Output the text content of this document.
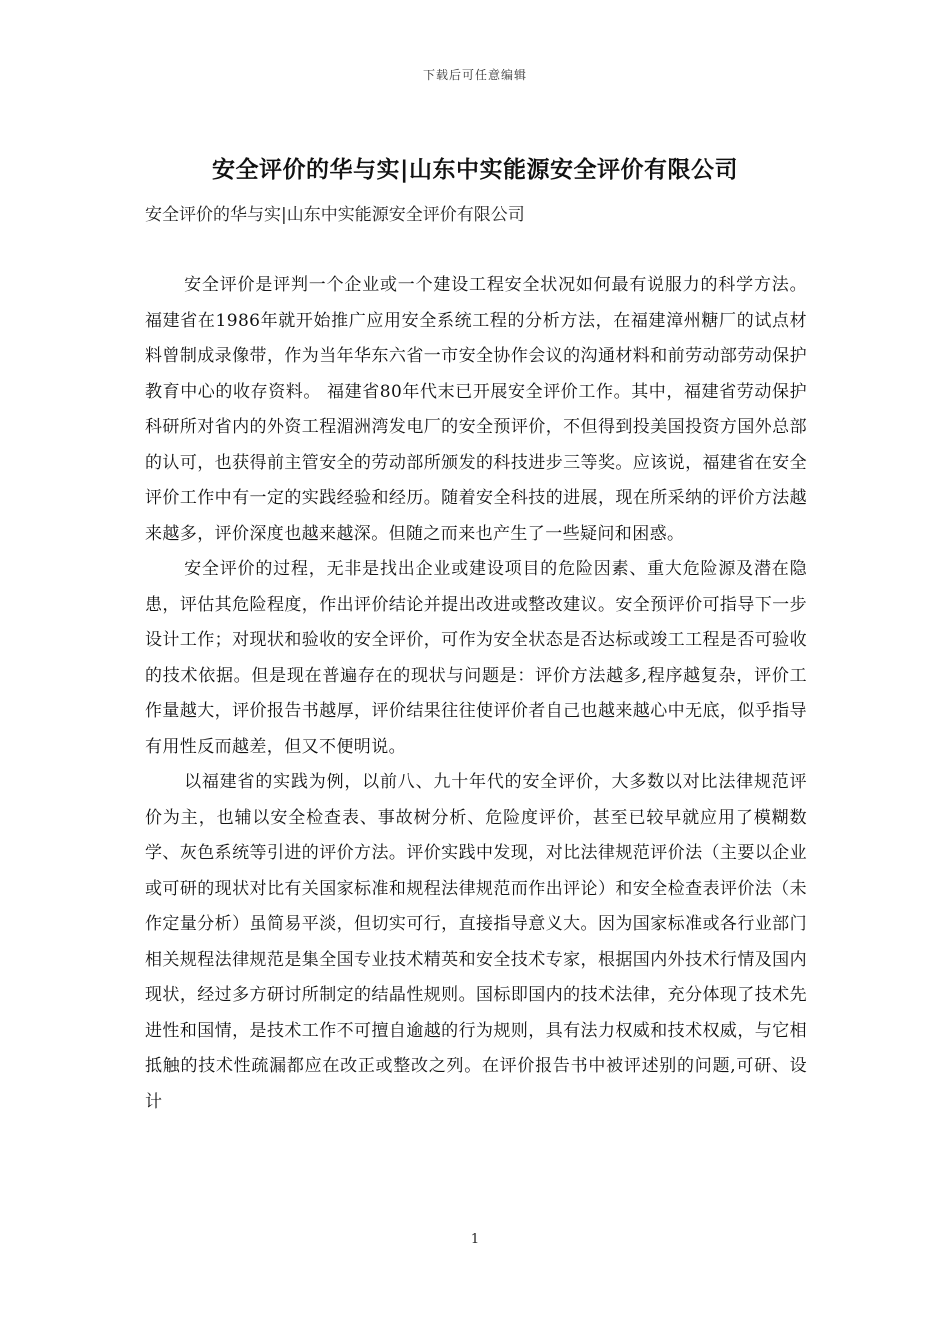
下载后可任意编辑
安全评价的华与实|山东中实能源安全评价有限公司
安全评价的华与实|山东中实能源安全评价有限公司

安全评价是评判一个企业或一个建设工程安全状况如何最有说服力的科学方法。福建省在1986年就开始推广应用安全系统工程的分析方法，在福建漳州糖厂的试点材料曾制成录像带，作为当年华东六省一市安全协作会议的沟通材料和前劳动部劳动保护教育中心的收存资料。 福建省80年代末已开展安全评价工作。其中，福建省劳动保护科研所对省内的外资工程湄洲湾发电厂的安全预评价，不但得到投美国投资方国外总部的认可，也获得前主管安全的劳动部所颁发的科技进步三等奖。应该说，福建省在安全评价工作中有一定的实践经验和经历。随着安全科技的进展，现在所采纳的评价方法越来越多，评价深度也越来越深。但随之而来也产生了一些疑问和困惑。

安全评价的过程，无非是找出企业或建设项目的危险因素、重大危险源及潜在隐患，评估其危险程度，作出评价结论并提出改进或整改建议。安全预评价可指导下一步设计工作；对现状和验收的安全评价，可作为安全状态是否达标或竣工工程是否可验收的技术依据。但是现在普遍存在的现状与问题是：评价方法越多,程序越复杂，评价工作量越大，评价报告书越厚，评价结果往往使评价者自己也越来越心中无底，似乎指导有用性反而越差，但又不便明说。

以福建省的实践为例，以前八、九十年代的安全评价，大多数以对比法律规范评价为主，也辅以安全检查表、事故树分析、危险度评价，甚至已较早就应用了模糊数学、灰色系统等引进的评价方法。评价实践中发现，对比法律规范评价法（主要以企业或可研的现状对比有关国家标准和规程法律规范而作出评论）和安全检查表评价法（未作定量分析）虽简易平淡，但切实可行，直接指导意义大。因为国家标准或各行业部门相关规程法律规范是集全国专业技术精英和安全技术专家，根据国内外技术行情及国内现状，经过多方研讨所制定的结晶性规则。国标即国内的技术法律，充分体现了技术先进性和国情，是技术工作不可擅自逾越的行为规则，具有法力权威和技术权威，与它相抵触的技术性疏漏都应在改正或整改之列。在评价报告书中被评述别的问题,可研、设计

1
